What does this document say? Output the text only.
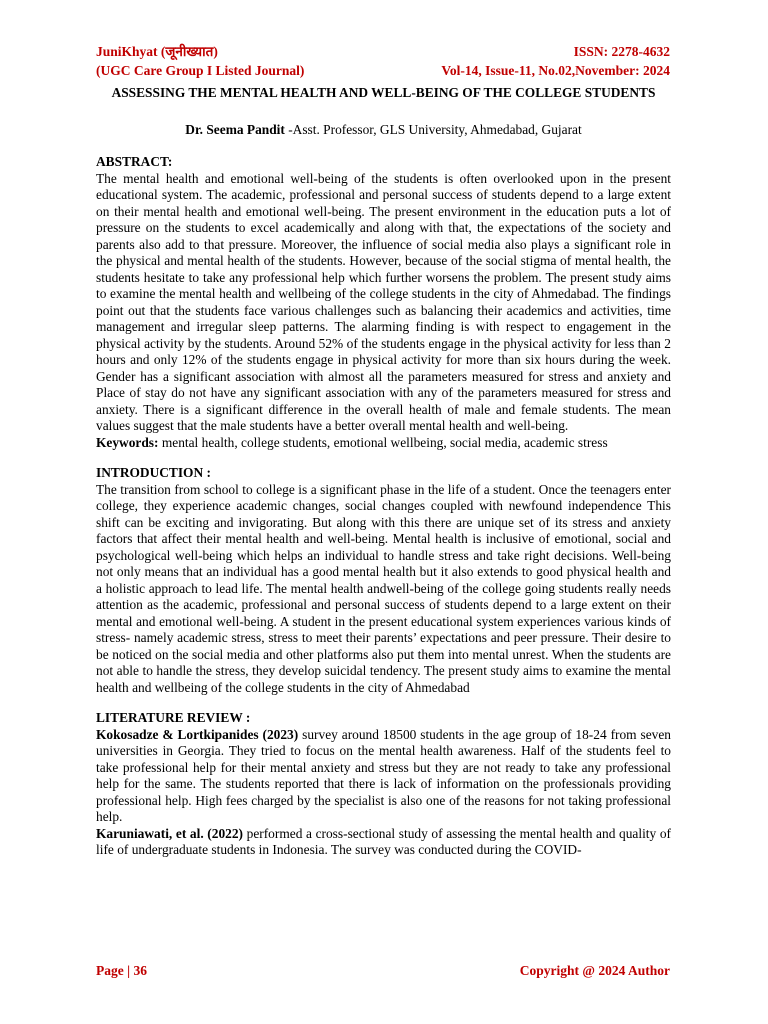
JuniKhyat (जूनीख्यात)
(UGC Care Group I Listed Journal)
ISSN: 2278-4632
Vol-14, Issue-11, No.02,November: 2024
ASSESSING THE MENTAL HEALTH AND WELL-BEING OF THE COLLEGE STUDENTS
Dr. Seema Pandit -Asst. Professor, GLS University, Ahmedabad, Gujarat
ABSTRACT:

The mental health and emotional well-being of the students is often overlooked upon in the present educational system. The academic, professional and personal success of students depend to a large extent on their mental health and emotional well-being. The present environment in the education puts a lot of pressure on the students to excel academically and along with that, the expectations of the society and parents also add to that pressure. Moreover, the influence of social media also plays a significant role in the physical and mental health of the students. However, because of the social stigma of mental health, the students hesitate to take any professional help which further worsens the problem. The present study aims to examine the mental health and wellbeing of the college students in the city of Ahmedabad. The findings point out that the students face various challenges such as balancing their academics and activities, time management and irregular sleep patterns. The alarming finding is with respect to engagement in the physical activity by the students. Around 52% of the students engage in the physical activity for less than 2 hours and only 12% of the students engage in physical activity for more than six hours during the week. Gender has a significant association with almost all the parameters measured for stress and anxiety and Place of stay do not have any significant association with any of the parameters measured for stress and anxiety. There is a significant difference in the overall health of male and female students. The mean values suggest that the male students have a better overall mental health and well-being.

Keywords: mental health, college students, emotional wellbeing, social media, academic stress

INTRODUCTION :

The transition from school to college is a significant phase in the life of a student. Once the teenagers enter college, they experience academic changes, social changes coupled with newfound independence This shift can be exciting and invigorating. But along with this there are unique set of its stress and anxiety factors that affect their mental health and well-being. Mental health is inclusive of emotional, social and psychological well-being which helps an individual to handle stress and take right decisions. Well-being not only means that an individual has a good mental health but it also extends to good physical health and a holistic approach to lead life. The mental health andwell-being of the college going students really needs attention as the academic, professional and personal success of students depend to a large extent on their mental and emotional well-being. A student in the present educational system experiences various kinds of stress- namely academic stress, stress to meet their parents’ expectations and peer pressure. Their desire to be noticed on the social media and other platforms also put them into mental unrest. When the students are not able to handle the stress, they develop suicidal tendency. The present study aims to examine the mental health and wellbeing of the college students in the city of Ahmedabad

LITERATURE REVIEW :

Kokosadze & Lortkipanides (2023) survey around 18500 students in the age group of 18-24 from seven universities in Georgia. They tried to focus on the mental health awareness. Half of the students feel to take professional help for their mental anxiety and stress but they are not ready to take any professional help for the same. The students reported that there is lack of information on the professionals providing professional help. High fees charged by the specialist is also one of the reasons for not taking professional help.

Karuniawati, et al. (2022) performed a cross-sectional study of assessing the mental health and quality of life of undergraduate students in Indonesia. The survey was conducted during the COVID-

Page | 36	Copyright @ 2024 Author
